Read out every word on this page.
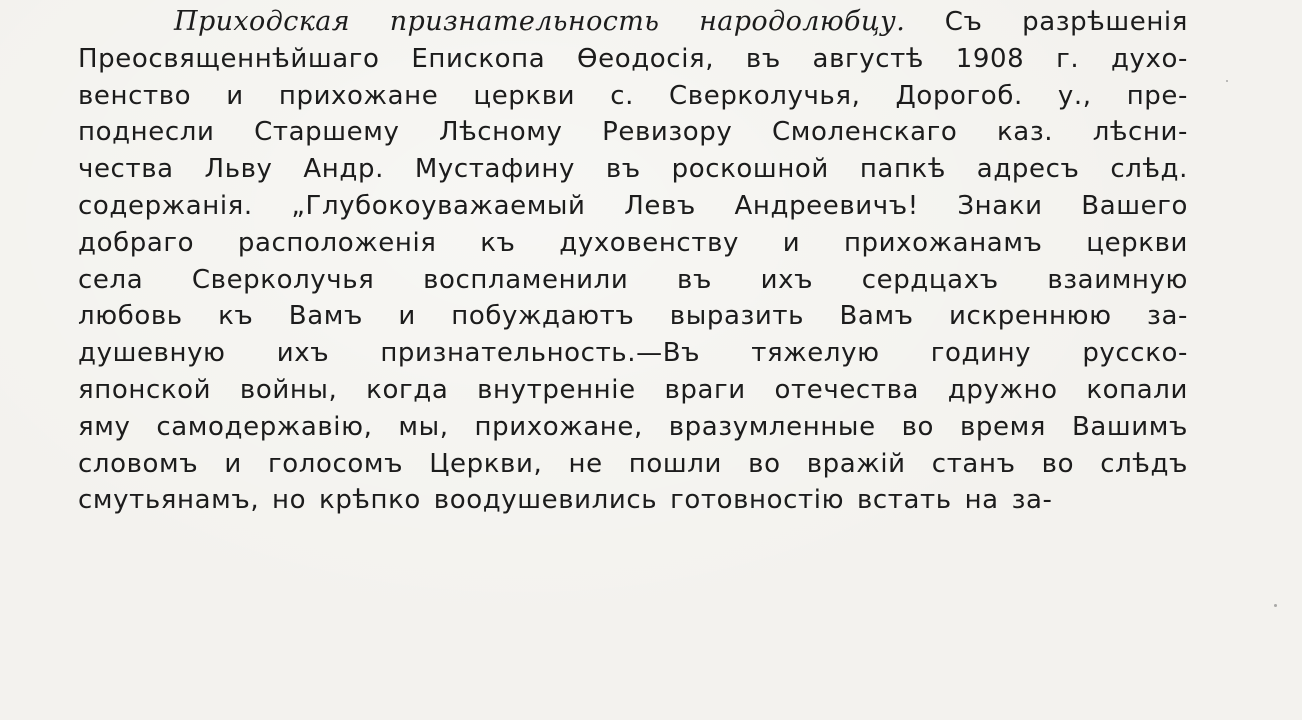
Приходская признательность народолюбцу. Съ разрѣшенія
Преосвященнѣйшаго Епископа Ѳеодосія, въ августѣ 1908 г. духо-
венство и прихожане церкви с. Сверколучья, Дорогоб. у., пре-
поднесли Старшему Лѣсному Ревизору Смоленскаго каз. лѣсни-
чества Льву Андр. Мустафину въ роскошной папкѣ адресъ слѣд.
содержанія. „Глубокоуважаемый Левъ Андреевичъ! Знаки Вашего
добраго расположенія къ духовенству и прихожанамъ церкви
села Сверколучья воспламенили въ ихъ сердцахъ взаимную
любовь къ Вамъ и побуждаютъ выразить Вамъ искреннюю за-
душевную ихъ признательность.—Въ тяжелую годину русско-
японской войны, когда внутренніе враги отечества дружно копали
яму самодержавію, мы, прихожане, вразумленные во время Вашимъ
словомъ и голосомъ Церкви, не пошли во вражій станъ во слѣдъ
смутьянамъ, но крѣпко воодушевились готовностію встать на за-
